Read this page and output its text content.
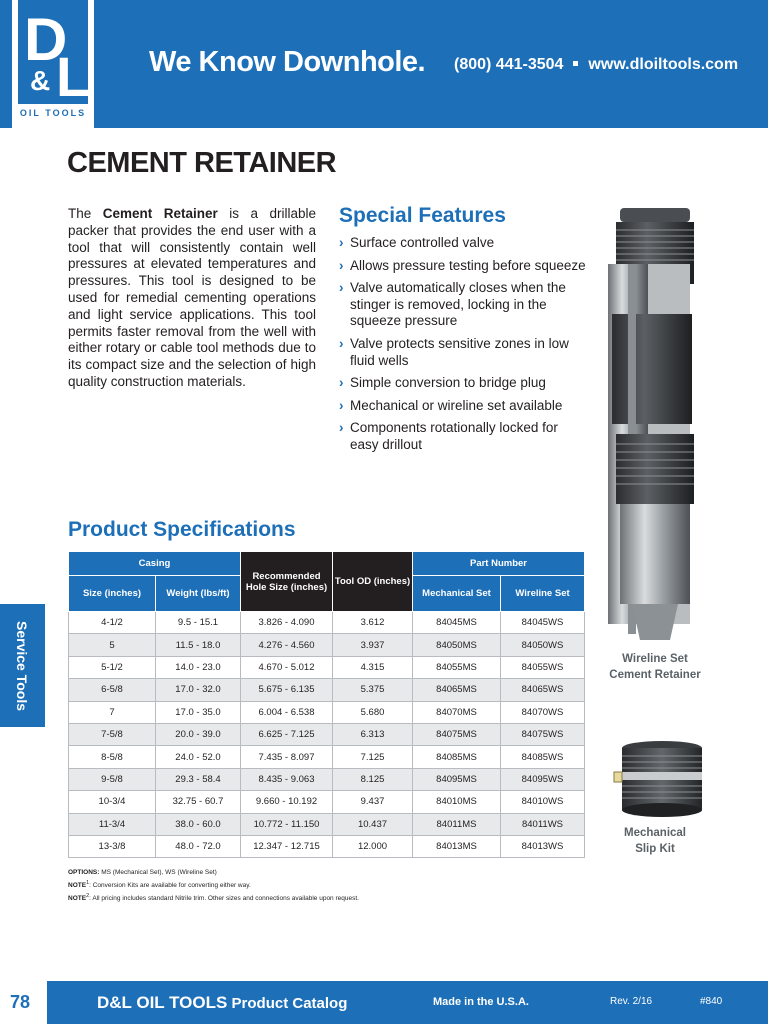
D
L
&
OIL TOOLS
We Know Downhole. (800) 441-3504 www.dloiltools.com
CEMENT RETAINER

The Cement Retainer is a drillable packer that provides the end user with a tool that will consistently contain well pressures at elevated temperatures and pressures. This tool is designed to be used for remedial cementing operations and light service applications. This tool permits faster removal from the well with either rotary or cable tool methods due to its compact size and the selection of high quality construction materials.

Special Features
› Surface controlled valve
› Allows pressure testing before squeeze
› Valve automatically closes when the stinger is removed, locking in the squeeze pressure
› Valve protects sensitive zones in low fluid wells
› Simple conversion to bridge plug
› Mechanical or wireline set available
› Components rotationally locked for easy drillout
Wireline Set
Cement Retainer
Mechanical
Slip Kit
Product Specifications
Casing		Recommended Hole Size (inches)	Tool OD (inches)	Part Number	
Size (inches)	Weight (lbs/ft)			Mechanical Set	Wireline Set
4-1/2	9.5 - 15.1	3.826 - 4.090	3.612	84045MS	84045WS
5	11.5 - 18.0	4.276 - 4.560	3.937	84050MS	84050WS
5-1/2	14.0 - 23.0	4.670 - 5.012	4.315	84055MS	84055WS
6-5/8	17.0 - 32.0	5.675 - 6.135	5.375	84065MS	84065WS
7	17.0 - 35.0	6.004 - 6.538	5.680	84070MS	84070WS
7-5/8	20.0 - 39.0	6.625 - 7.125	6.313	84075MS	84075WS
8-5/8	24.0 - 52.0	7.435 - 8.097	7.125	84085MS	84085WS
9-5/8	29.3 - 58.4	8.435 - 9.063	8.125	84095MS	84095WS
10-3/4	32.75 - 60.7	9.660 - 10.192	9.437	84010MS	84010WS
11-3/4	38.0 - 60.0	10.772 - 11.150	10.437	84011MS	84011WS
13-3/8	48.0 - 72.0	12.347 - 12.715	12.000	84013MS	84013WS
OPTIONS: MS (Mechanical Set), WS (Wireline Set)
NOTE$^1$: Conversion Kits are available for converting either way.
NOTE$^2$: All pricing includes standard Nitrile trim. Other sizes and connections available upon request.
Service Tools
78	D&L OIL TOOLS Product Catalog	Made in the U.S.A.	Rev. 2/16	#840
